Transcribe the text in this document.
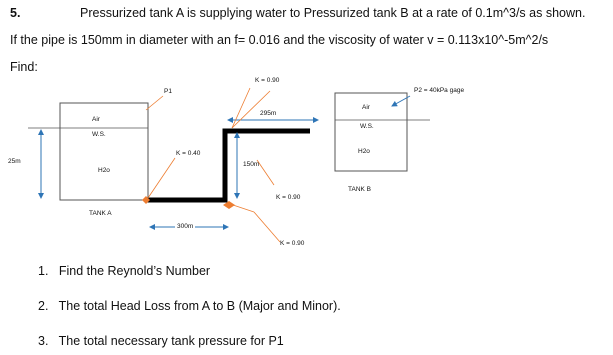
5.	Pressurized tank A is supplying water to Pressurized tank B at a rate of 0.1m^3/s as shown.
If the pipe is 150mm in diameter with an f= 0.016 and the viscosity of water v = 0.113x10^-5m^2/s
Find:
Air
W.S.
H2o
TANK A
Air
W.S.
H2o
TANK B
25m	150m
295m
300m
P1	P2 = 40kPa gage
K = 0.90
K = 0.40
K = 0.90
K = 0.90
1. Find the Reynold’s Number
2. The total Head Loss from A to B (Major and Minor).
3. The total necessary tank pressure for P1
